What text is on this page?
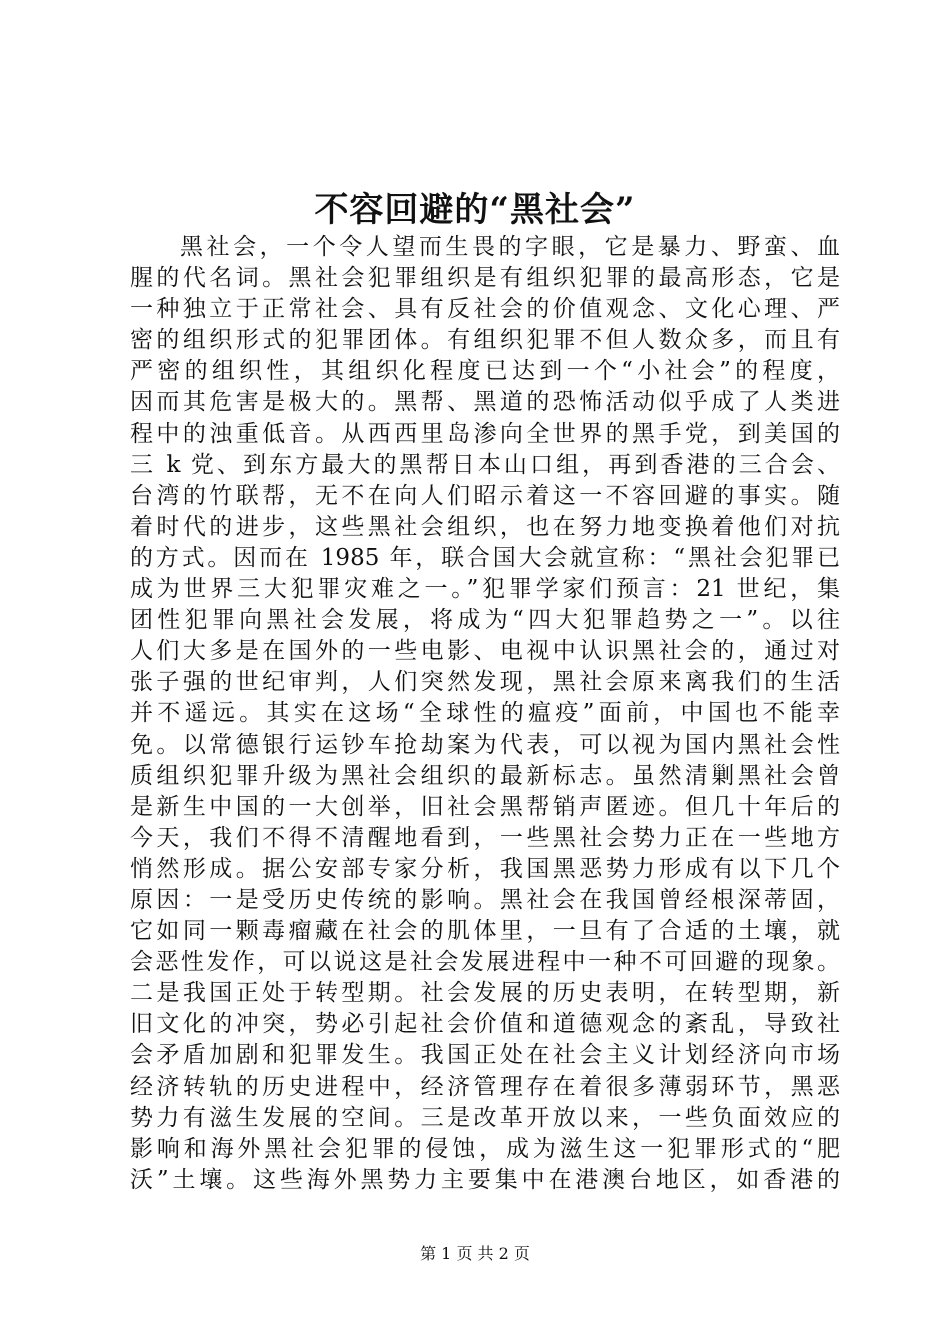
不容回避的“黑社会”
黑社会，一个令人望而生畏的字眼，它是暴力、野蛮、血
腥的代名词。黑社会犯罪组织是有组织犯罪的最高形态，它是
一种独立于正常社会、具有反社会的价值观念、文化心理、严
密的组织形式的犯罪团体。有组织犯罪不但人数众多，而且有
严密的组织性，其组织化程度已达到一个“小社会”的程度，
因而其危害是极大的。黑帮、黑道的恐怖活动似乎成了人类进
程中的浊重低音。从西西里岛渗向全世界的黑手党，到美国的
三 k 党、到东方最大的黑帮日本山口组，再到香港的三合会、
台湾的竹联帮，无不在向人们昭示着这一不容回避的事实。随
着时代的进步，这些黑社会组织，也在努力地变换着他们对抗
的方式。因而在 1985 年，联合国大会就宣称：“黑社会犯罪已
成为世界三大犯罪灾难之一。”犯罪学家们预言：21 世纪，集
团性犯罪向黑社会发展，将成为“四大犯罪趋势之一”。以往
人们大多是在国外的一些电影、电视中认识黑社会的，通过对
张子强的世纪审判，人们突然发现，黑社会原来离我们的生活
并不遥远。其实在这场“全球性的瘟疫”面前，中国也不能幸
免。以常德银行运钞车抢劫案为代表，可以视为国内黑社会性
质组织犯罪升级为黑社会组织的最新标志。虽然清剿黑社会曾
是新生中国的一大创举，旧社会黑帮销声匿迹。但几十年后的
今天，我们不得不清醒地看到，一些黑社会势力正在一些地方
悄然形成。据公安部专家分析，我国黑恶势力形成有以下几个
原因：一是受历史传统的影响。黑社会在我国曾经根深蒂固，
它如同一颗毒瘤藏在社会的肌体里，一旦有了合适的土壤，就
会恶性发作，可以说这是社会发展进程中一种不可回避的现象。
二是我国正处于转型期。社会发展的历史表明，在转型期，新
旧文化的冲突，势必引起社会价值和道德观念的紊乱，导致社
会矛盾加剧和犯罪发生。我国正处在社会主义计划经济向市场
经济转轨的历史进程中，经济管理存在着很多薄弱环节，黑恶
势力有滋生发展的空间。三是改革开放以来，一些负面效应的
影响和海外黑社会犯罪的侵蚀，成为滋生这一犯罪形式的“肥
沃”土壤。这些海外黑势力主要集中在港澳台地区，如香港的
第 1 页 共 2 页
